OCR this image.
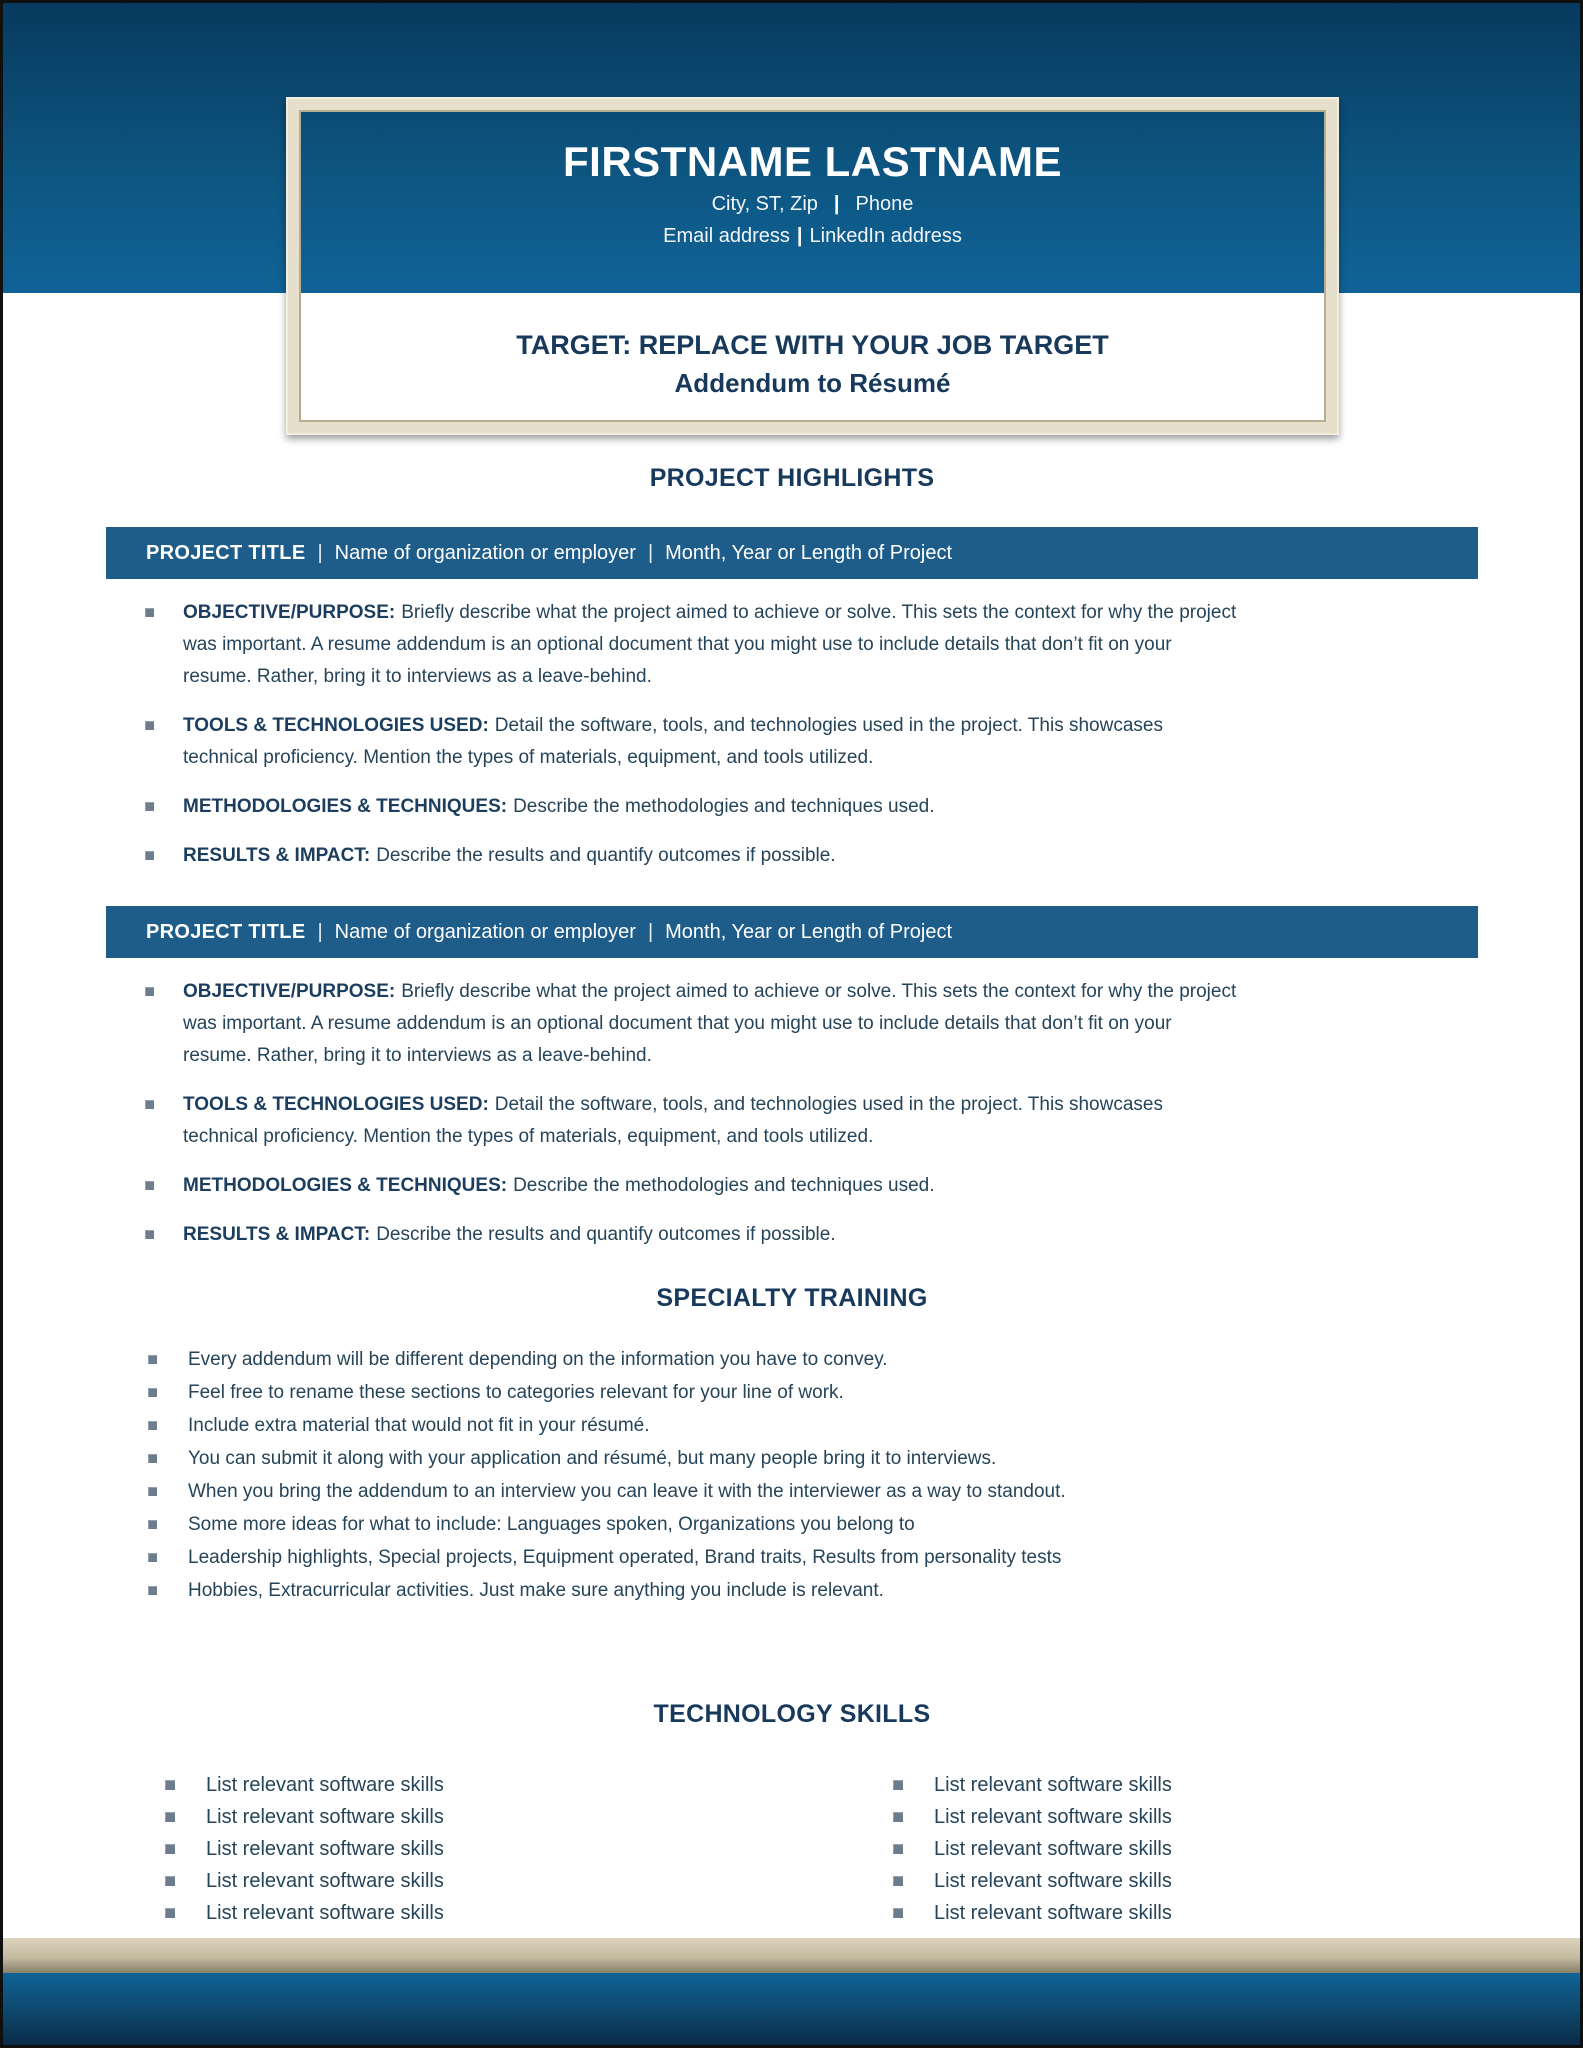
FIRSTNAME LASTNAME

City, ST, Zip | Phone

Email address | LinkedIn address

TARGET: REPLACE WITH YOUR JOB TARGET
Addendum to Résumé
PROJECT HIGHLIGHTS
PROJECT TITLE | Name of organization or employer | Month, Year or Length of Project
OBJECTIVE/PURPOSE: Briefly describe what the project aimed to achieve or solve. This sets the context for why the project was important. A resume addendum is an optional document that you might use to include details that don’t fit on your resume. Rather, bring it to interviews as a leave-behind.
TOOLS & TECHNOLOGIES USED: Detail the software, tools, and technologies used in the project. This showcases technical proficiency. Mention the types of materials, equipment, and tools utilized.
METHODOLOGIES & TECHNIQUES: Describe the methodologies and techniques used.
RESULTS & IMPACT: Describe the results and quantify outcomes if possible.
PROJECT TITLE | Name of organization or employer | Month, Year or Length of Project
OBJECTIVE/PURPOSE: Briefly describe what the project aimed to achieve or solve. This sets the context for why the project was important. A resume addendum is an optional document that you might use to include details that don’t fit on your resume. Rather, bring it to interviews as a leave-behind.
TOOLS & TECHNOLOGIES USED: Detail the software, tools, and technologies used in the project. This showcases technical proficiency. Mention the types of materials, equipment, and tools utilized.
METHODOLOGIES & TECHNIQUES: Describe the methodologies and techniques used.
RESULTS & IMPACT: Describe the results and quantify outcomes if possible.
SPECIALTY TRAINING
Every addendum will be different depending on the information you have to convey.
Feel free to rename these sections to categories relevant for your line of work.
Include extra material that would not fit in your résumé.
You can submit it along with your application and résumé, but many people bring it to interviews.
When you bring the addendum to an interview you can leave it with the interviewer as a way to standout.
Some more ideas for what to include: Languages spoken, Organizations you belong to
Leadership highlights, Special projects, Equipment operated, Brand traits, Results from personality tests
Hobbies, Extracurricular activities. Just make sure anything you include is relevant.
TECHNOLOGY SKILLS
List relevant software skills
List relevant software skills
List relevant software skills
List relevant software skills
List relevant software skills
List relevant software skills
List relevant software skills
List relevant software skills
List relevant software skills
List relevant software skills
